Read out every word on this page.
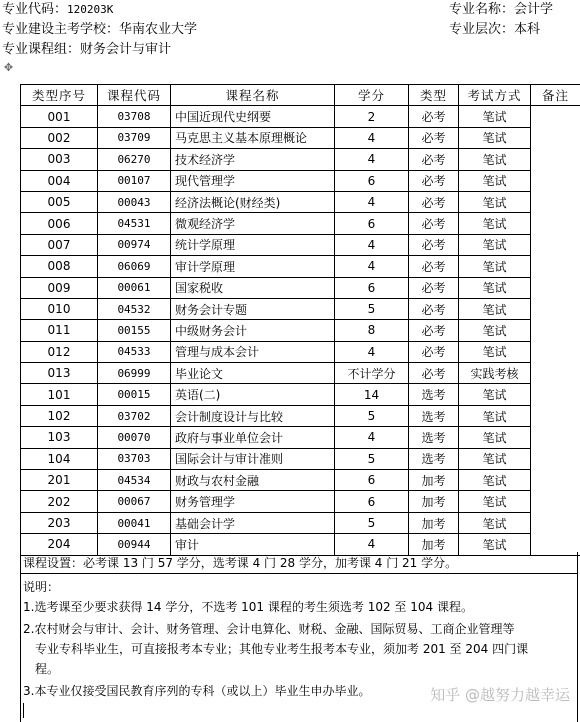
专业代码：120203K	专业名称：会计学
专业建设主考学校：华南农业大学	专业层次：本科
专业课程组：财务会计与审计
✥
类型序号	课程代码	课程名称	学分	类型	考试方式	备注
001	03708	中国近现代史纲要	2	必考	笔试	
002	03709	马克思主义基本原理概论	4	必考	笔试	
003	06270	技术经济学	4	必考	笔试	
004	00107	现代管理学	6	必考	笔试	
005	00043	经济法概论(财经类)	4	必考	笔试	
006	04531	微观经济学	6	必考	笔试	
007	00974	统计学原理	4	必考	笔试	
008	06069	审计学原理	4	必考	笔试	
009	00061	国家税收	6	必考	笔试	
010	04532	财务会计专题	5	必考	笔试	
011	00155	中级财务会计	8	必考	笔试	
012	04533	管理与成本会计	4	必考	笔试	
013	06999	毕业论文	不计学分	必考	实践考核	
101	00015	英语(二)	14	选考	笔试	
102	03702	会计制度设计与比较	5	选考	笔试	
103	00070	政府与事业单位会计	4	选考	笔试	
104	03703	国际会计与审计准则	5	选考	笔试	
201	04534	财政与农村金融	6	加考	笔试	
202	00067	财务管理学	6	加考	笔试	
203	00041	基础会计学	5	加考	笔试	
204	00944	审计	4	加考	笔试	
课程设置：必考课 13 门 57 学分，选考课 4 门 28 学分，加考课 4 门 21 学分。
说明：
1.选考课至少要求获得 14 学分，不选考 101 课程的考生须选考 102 至 104 课程。
2.农村财会与审计、会计、财务管理、会计电算化、财税、金融、国际贸易、工商企业管理等
专业专科毕业生，可直接报考本专业；其他专业考生报考本专业，须加考 201 至 204 四门课
程。
3.本专业仅接受国民教育序列的专科（或以上）毕业生申办毕业。	知乎 @越努力越幸运
